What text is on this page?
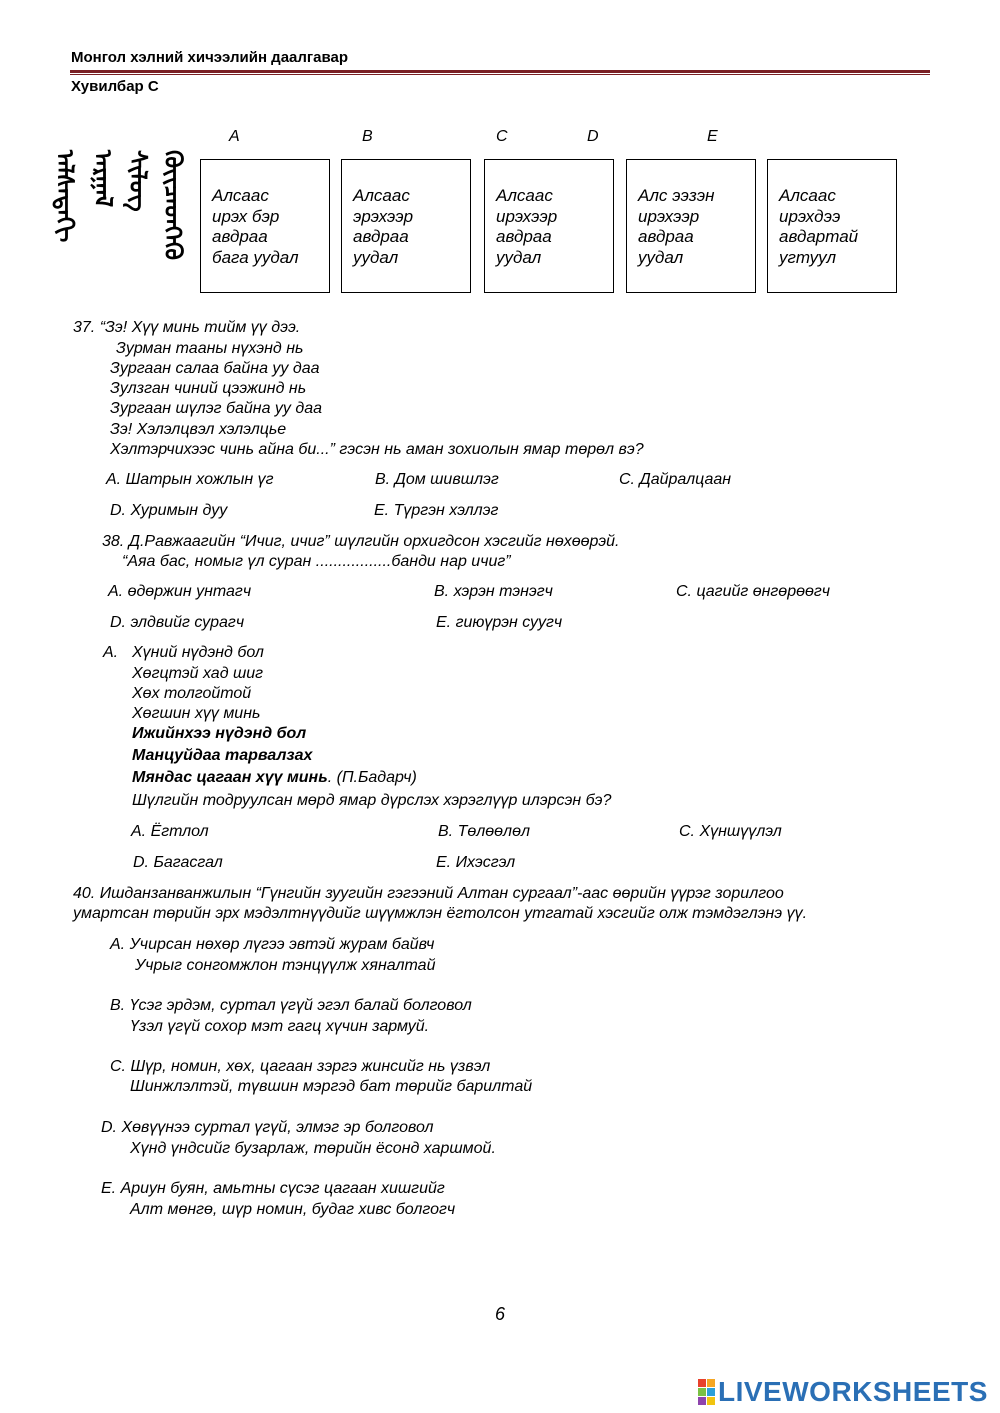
Монгол хэлний хичээлийн даалгавар
Хувилбар С
ᠠᠯᠰᠠᠳᠠᠬᠢ ᠠᠷᠭᠠᠯ ᠰᠢᠯᠦᠭ ᠭᠦᠢᠴᠡᠳᠬᠡᠬᠦ
A	B	C	D	E
Алсаас
ирэх бэр
авдраа
бага уудал
Алсаас
эрэхээр
авдраа
уудал
Алсаас
ирэхээр
авдраа
уудал
Алс ээзэн
ирэхээр
авдраа
уудал
Алсаас
ирэхдээ
авдартай
угтуул
37. “Зэ! Хүү минь тийм үү дээ.
Зурман тааны нүхэнд нь
Зургаан салаа байна уу даа
Зулзган чиний цээжинд нь
Зургаан шүлэг байна уу даа
Зэ! Хэлэлцвэл хэлэлцье
Хэлтэрчихээс чинь айна би...” гэсэн нь аман зохиолын ямар төрөл вэ?
A. Шатрын хожлын үг	B. Дом шившлэг	C. Дайралцаан
D. Хуримын дуу	E. Түргэн хэллэг
38. Д.Равжаагийн “Ичиг, ичиг” шүлгийн орхигдсон хэсгийг нөхөөрэй.
“Аяа бас, номыг үл суран .................банди нар ичиг”
A. өдөржин унтагч	B. хэрэн тэнэгч	C. цагийг өнгөрөөгч
D. элдвийг сурагч	E. гиюүрэн суугч
A. Хүний нүдэнд бол
Хөгцтэй хад шиг
Хөх толгойтой
Хөгшин хүү минь
Ижийнхээ нүдэнд бол
Манцуйдаа тарвалзах
Мяндас цагаан хүү минь. (П.Бадарч)
Шүлгийн тодруулсан мөрд ямар дүрслэх хэрэглүүр илэрсэн бэ?
A. Ёгтлол	B. Төлөөлөл	C. Хүншүүлэл
D. Багасгал	E. Ихэсгэл
40. Ишданзанванжилын “Гүнгийн зуугийн гэгээний Алтан сургаал”-аас өөрийн үүрэг зорилгоо
умартсан төрийн эрх мэдэлтнүүдийг шүүмжлэн ёгтолсон утгатай хэсгийг олж тэмдэглэнэ үү.
A. Учирсан нөхөр лүгээ эвтэй журам байвч
Учрыг сонгомжлон тэнцүүлж хяналтай
B. Үсэг эрдэм, суртал үгүй эгэл балай болговол
Үзэл үгүй сохор мэт гагц хүчин зармуй.
C. Шүр, номин, хөх, цагаан зэргэ жинсийг нь үзвэл
Шинжлэлтэй, түвшин мэргэд бат төрийг барилтай
D. Хөвүүнээ суртал үгүй, элмэг эр болговол
Хүнд үндсийг бузарлаж, төрийн ёсонд харшмой.
E. Ариун буян, амьтны сүсэг цагаан хишгийг
Алт мөнгө, шүр номин, будаг хивс болгогч
6
LIVEWORKSHEETS
